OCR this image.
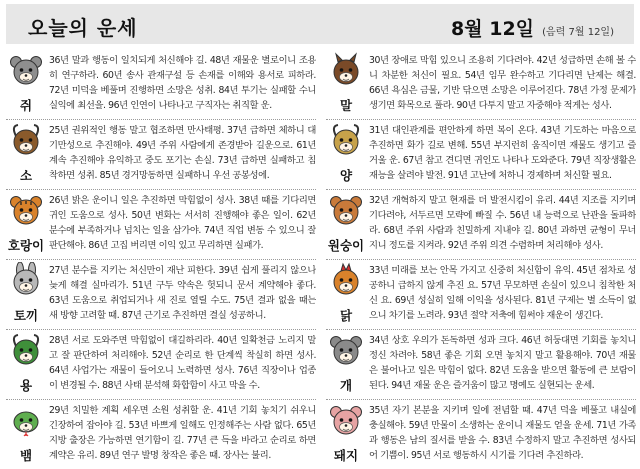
오늘의 운세	8월 12일 (음력 7월 12일)
쥐
36년 말과 행동이 일치되게 처신해야 길. 48년 재물운 별로이니 조용히 연구하라. 60년 송사 관재구설 등 손재를 이해와 용서로 피하라. 72년 미덕을 베풀며 진행하면 소망은 성취. 84년 투기는 실패할 수니 실익에 최선을. 96년 인연이 나타나고 구직자는 취직할 운.
소
25년 권위적인 행동 말고 협조하면 만사태평. 37년 급하면 체하니 대기만성으로 추진해야. 49년 주위 사람에게 존경받아 길운으로. 61년 계속 추진해야 유익하고 중도 포기는 손실. 73년 급하면 실패하고 침착하면 성취. 85년 경거망동하면 실패하니 우선 공봉성에.
호랑이
26년 밝은 운이니 일은 추진하면 막힘없이 성사. 38년 때를 기다리면 귀인 도움으로 성사. 50년 변화는 서서히 진행해야 좋은 일이. 62년 분수에 부족하거나 넘치는 일을 삼가야. 74년 직업 변동 수 있으니 잘 판단해야. 86년 고집 버리면 이익 있고 무리하면 실패가.
토끼
27년 분수를 지키는 처신만이 재난 피한다. 39년 쉽게 풀리지 않으나 늦게 해결 실마리가. 51년 구두 약속은 헛되니 문서 계약해야 좋다. 63년 도움으로 취업되거나 새 진로 열릴 수도. 75년 결과 없을 때는 새 방향 고려할 때. 87년 근기로 추진하면 결실 성공하니.
용
28년 서로 도와주면 막힘없이 대길하리라. 40년 일확천금 노리지 말고 잘 판단하여 처리해야. 52년 순리로 한 단계씩 착실히 하면 성사. 64년 사업가는 재물이 들어오니 노력하면 성사. 76년 직장이나 업종이 변경될 수. 88년 사태 분석해 화합함이 사고 막을 수.
뱀
29년 치밀한 계획 세우면 소원 성취할 운. 41년 기회 놓치기 쉬우니 긴장하여 잡아야 길. 53년 바쁘게 일해도 인정해주는 사람 없다. 65년 지방 출장은 가능하면 연기함이 길. 77년 큰 득을 바라고 순리로 하면 계약은 유리. 89년 연구 발명 창작은 좋은 때. 장사는 불리.
말
30년 장애로 막힘 있으니 조용히 기다려야. 42년 성급하면 손해 볼 수니 차분한 처신이 필요. 54년 임무 완수하고 기다리면 난제는 해결. 66년 욕심은 금물, 기반 닦으면 소망은 이루어진다. 78년 가정 문제가 생기면 화목으로 풀라. 90년 다투지 말고 자중해야 적게는 성사.
양
31년 대인관계를 편안하게 하면 복이 온다. 43년 기도하는 마음으로 추진하면 화가 길로 변해. 55년 부지런히 움직이면 재물도 생기고 즐거울 운. 67년 참고 견디면 귀인도 나타나 도와준다. 79년 직장생활은 재능을 살려야 발전. 91년 고난에 처하니 경제하며 처신할 필요.
원숭이
32년 개혁하지 말고 현재를 더 발전시킴이 유리. 44년 지조를 지키며 기다려야, 서두르면 모략에 빠질 수. 56년 내 능력으로 난관을 돌파하라. 68년 주위 사람과 친밀하게 지내야 길. 80년 과하면 균형이 무너지니 정도를 지켜라. 92년 주위 의견 수렴하며 처리해야 성사.
닭
33년 미래를 보는 안목 가지고 신중히 처신함이 유익. 45년 점차로 성공하니 급하지 않게 추진 요. 57년 무모하면 손실이 있으니 침착한 처신 요. 69년 성실히 일해 이익을 성사된다. 81년 구제는 별 소득이 없으니 차기를 노려라. 93년 절약 저축에 힘써야 재운이 생긴다.
개
34년 상호 우의가 돈독하면 성과 크다. 46년 허둥대면 기회를 놓치니 정신 차려야. 58년 좋은 기회 오면 놓치지 말고 활용해야. 70년 재물은 불어나고 일은 막힘이 없다. 82년 도움을 받으면 활동에 큰 보람이 된다. 94년 재물 운은 즐거움이 많고 명예도 실현되는 운세.
돼지
35년 자기 본분을 지키며 일에 전념할 때. 47년 덕을 베풀고 내실에 충실해야. 59년 만물이 소생하는 운이니 재물도 얻을 운세. 71년 가족과 행동은 남의 질서를 받을 수. 83년 수정하지 말고 추진하면 성사되어 기쁨이. 95년 서로 행동하시 시기를 기다려 추진하라.
